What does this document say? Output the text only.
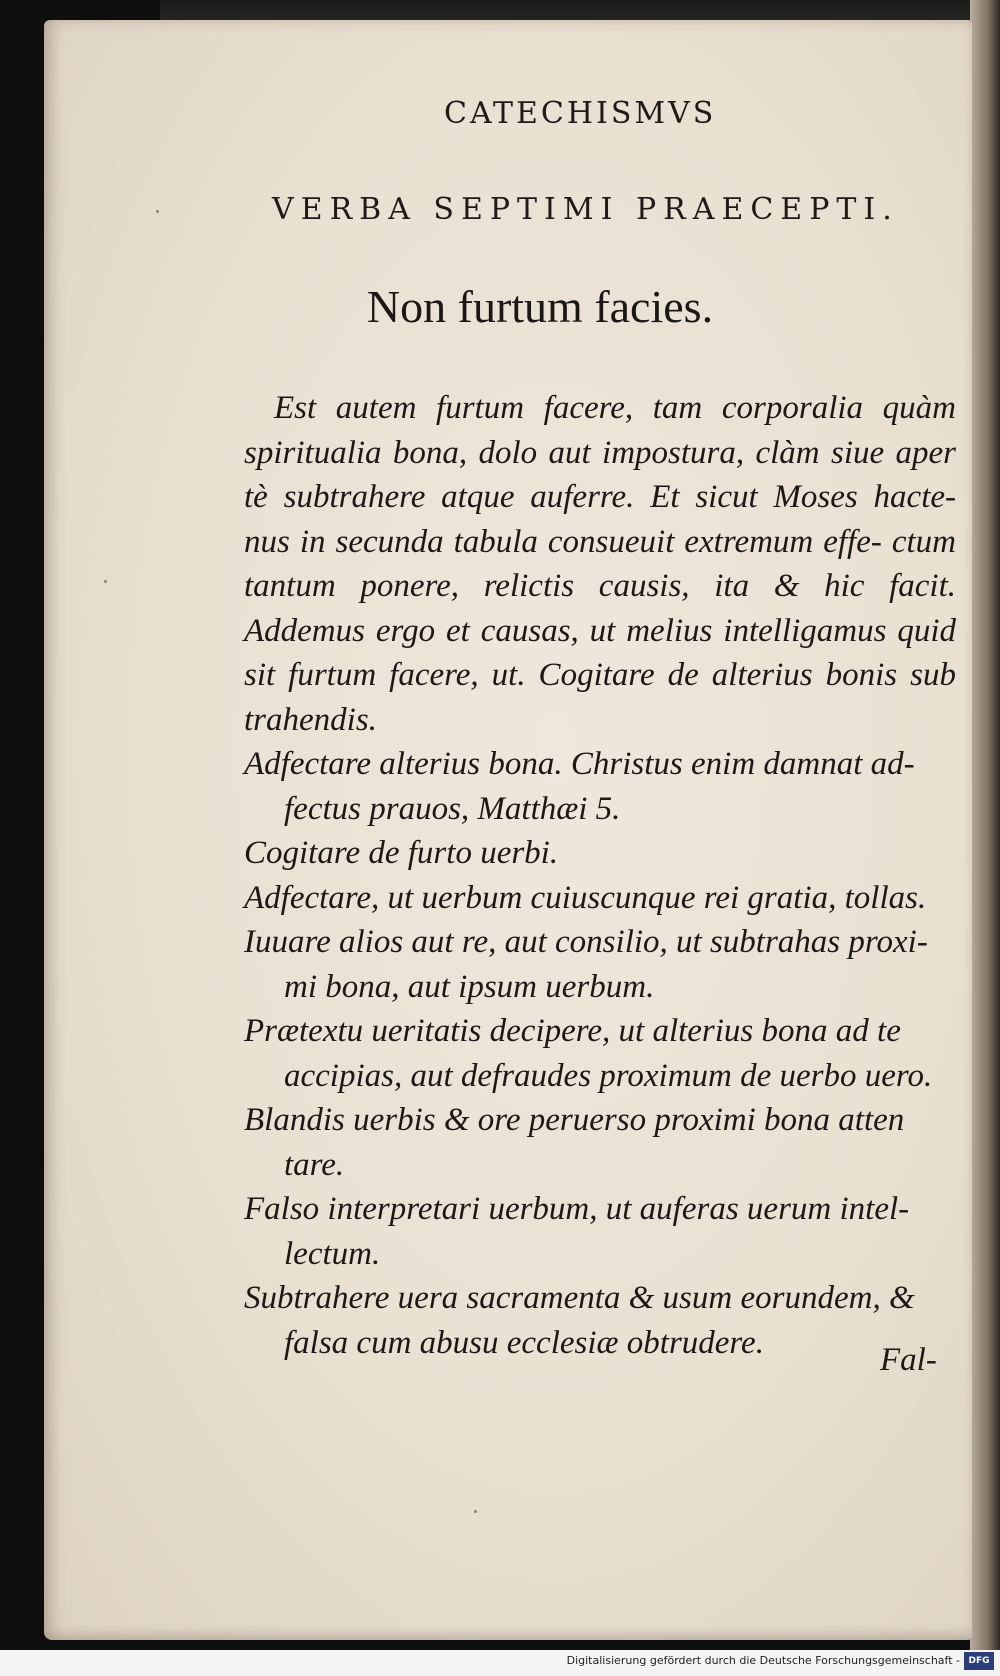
CATECHISMVS
VERBA SEPTIMI PRAECEPTI.
Non furtum facies.

Est autem furtum facere, tam corporalia quàm spiritualia bona, dolo aut impostura, clàm siue aper tè subtrahere atque auferre. Et sicut Moses hacte- nus in secunda tabula consueuit extremum effe- ctum tantum ponere, relictis causis, ita & hic facit. Addemus ergo et causas, ut melius intelligamus quid sit furtum facere, ut. Cogitare de alterius bonis sub trahendis.

Adfectare alterius bona. Christus enim damnat ad- fectus prauos, Matthæi 5.

Cogitare de furto uerbi.

Adfectare, ut uerbum cuiuscunque rei gratia, tollas.

Iuuare alios aut re, aut consilio, ut subtrahas proxi- mi bona, aut ipsum uerbum.

Prætextu ueritatis decipere, ut alterius bona ad te accipias, aut defraudes proximum de uerbo uero.

Blandis uerbis & ore peruerso proximi bona atten tare.

Falso interpretari uerbum, ut auferas uerum intel- lectum.

Subtrahere uera sacramenta & usum eorundem, & falsa cum abusu ecclesiæ obtrudere.	Fal-
Digitalisierung gefördert durch die Deutsche Forschungsgemeinschaft - DFG
